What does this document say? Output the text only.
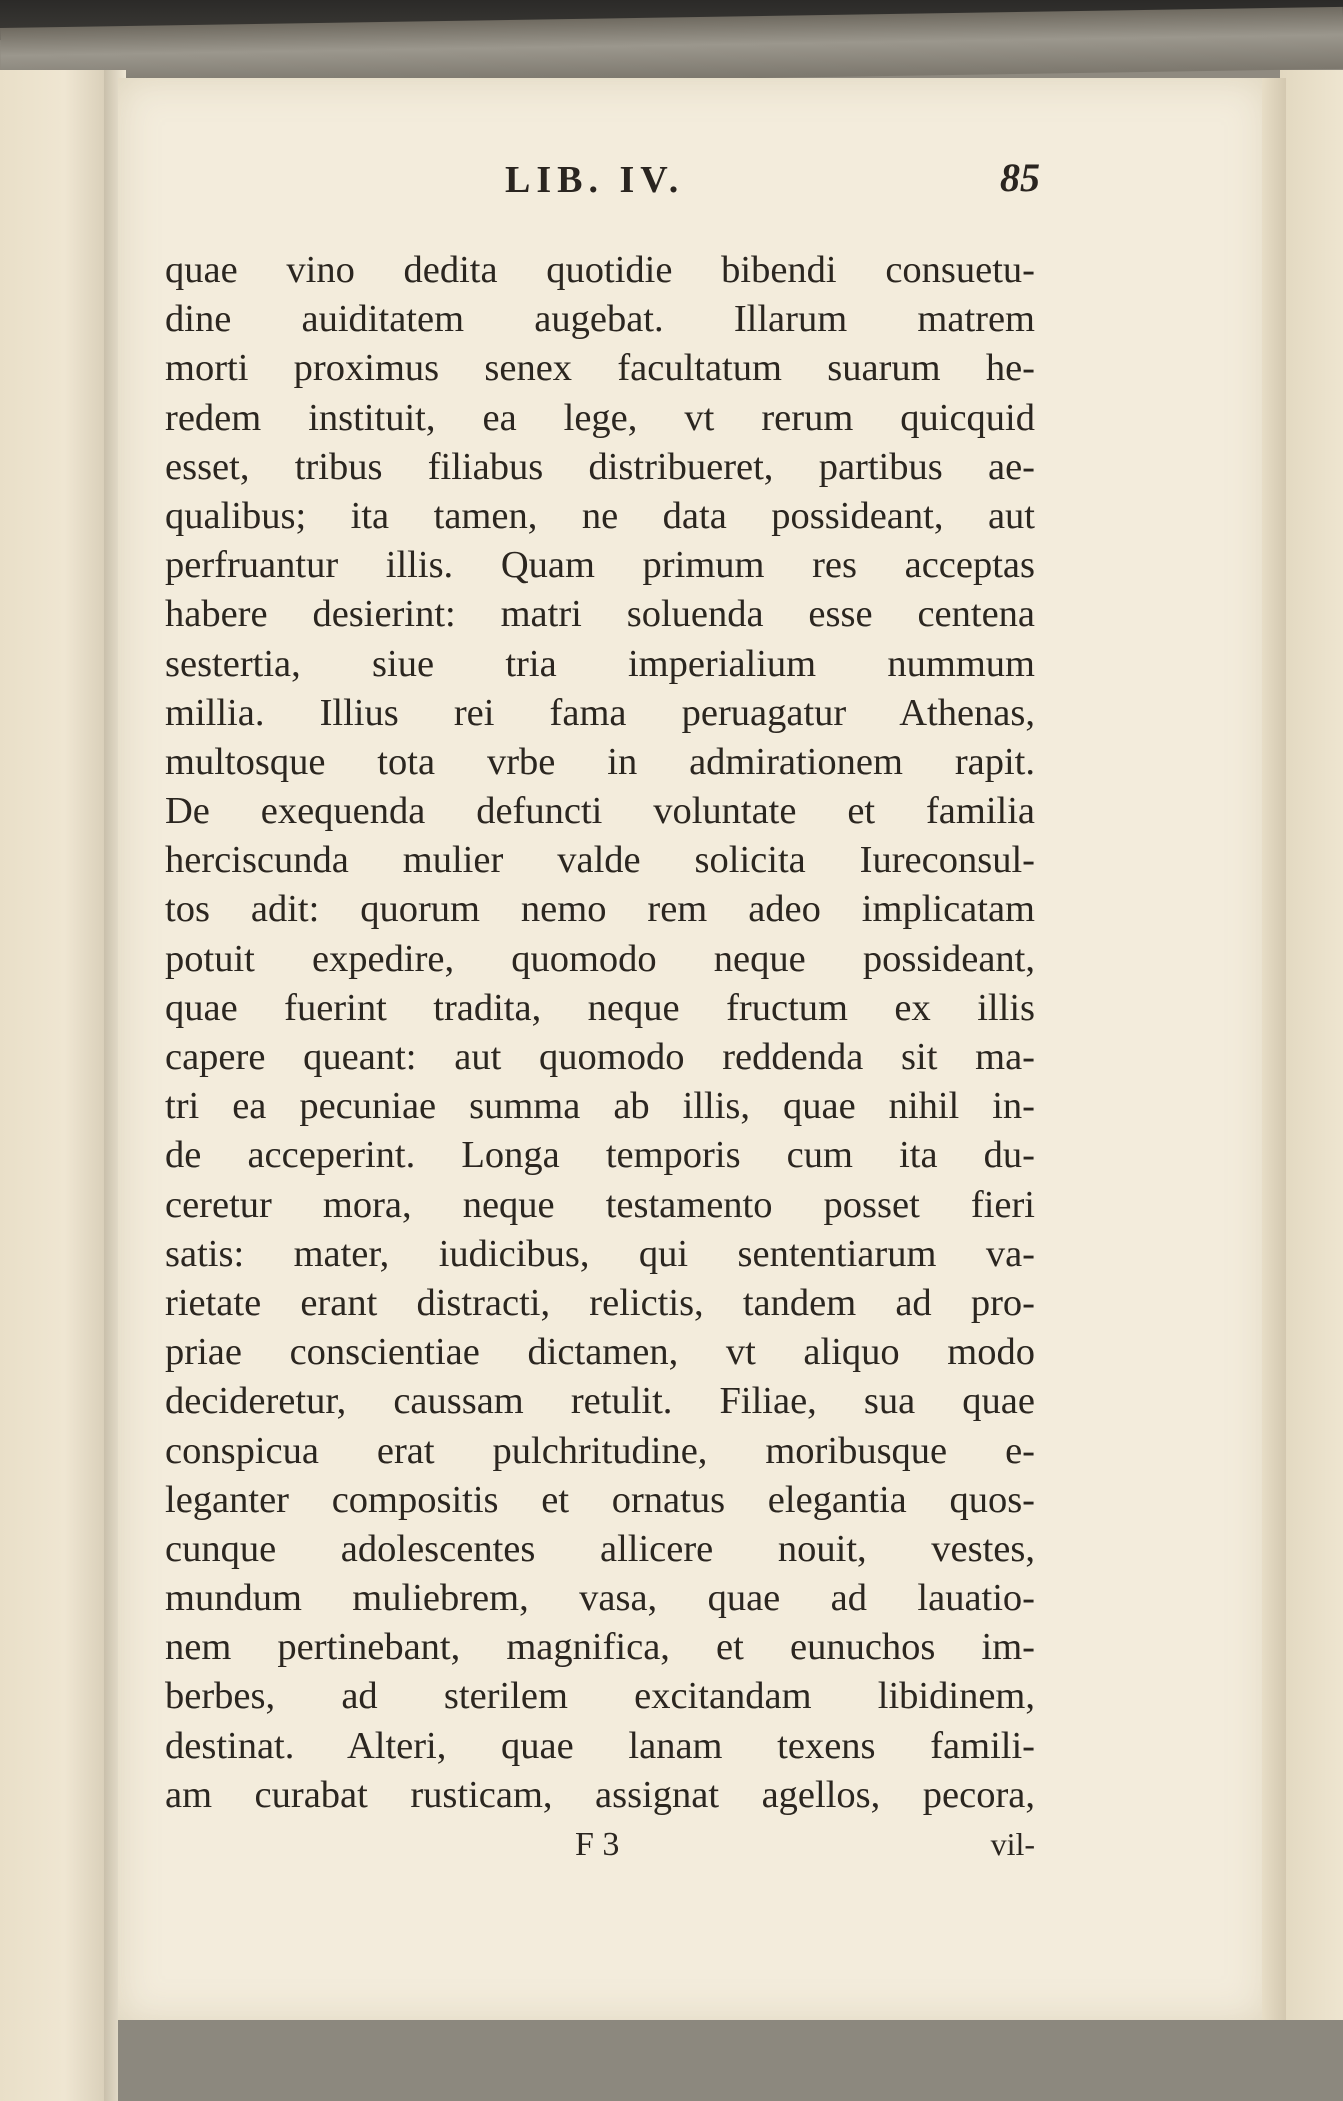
LIB. IV.	85
quae vino dedita quotidie bibendi consuetu-
dine auiditatem augebat. Illarum matrem
morti proximus senex facultatum suarum he-
redem instituit, ea lege, vt rerum quicquid
esset, tribus filiabus distribueret, partibus ae-
qualibus; ita tamen, ne data possideant, aut
perfruantur illis. Quam primum res acceptas
habere desierint: matri soluenda esse centena
sestertia, siue tria imperialium nummum
millia. Illius rei fama peruagatur Athenas,
multosque tota vrbe in admirationem rapit.
De exequenda defuncti voluntate et familia
herciscunda mulier valde solicita Iureconsul-
tos adit: quorum nemo rem adeo implicatam
potuit expedire, quomodo neque possideant,
quae fuerint tradita, neque fructum ex illis
capere queant: aut quomodo reddenda sit ma-
tri ea pecuniae summa ab illis, quae nihil in-
de acceperint. Longa temporis cum ita du-
ceretur mora, neque testamento posset fieri
satis: mater, iudicibus, qui sententiarum va-
rietate erant distracti, relictis, tandem ad pro-
priae conscientiae dictamen, vt aliquo modo
decideretur, caussam retulit. Filiae, sua quae
conspicua erat pulchritudine, moribusque e-
leganter compositis et ornatus elegantia quos-
cunque adolescentes allicere nouit, vestes,
mundum muliebrem, vasa, quae ad lauatio-
nem pertinebant, magnifica, et eunuchos im-
berbes, ad sterilem excitandam libidinem,
destinat. Alteri, quae lanam texens famili-
am curabat rusticam, assignat agellos, pecora,
F 3	vil-
